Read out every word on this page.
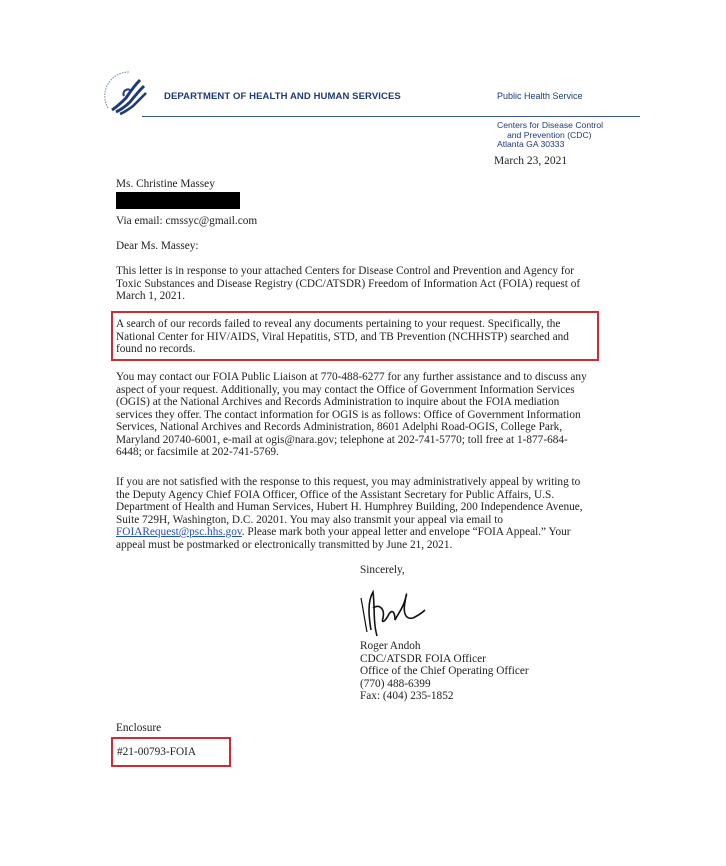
DEPARTMENT OF HEALTH AND HUMAN SERVICES	Public Health Service
Centers for Disease Control
and Prevention (CDC)
Atlanta GA 30333
March 23, 2021
Ms. Christine Massey
Via email: cmssyc@gmail.com
Dear Ms. Massey:
This letter is in response to your attached Centers for Disease Control and Prevention and Agency for
Toxic Substances and Disease Registry (CDC/ATSDR) Freedom of Information Act (FOIA) request of
March 1, 2021.
A search of our records failed to reveal any documents pertaining to your request. Specifically, the
National Center for HIV/AIDS, Viral Hepatitis, STD, and TB Prevention (NCHHSTP) searched and
found no records.
You may contact our FOIA Public Liaison at 770-488-6277 for any further assistance and to discuss any
aspect of your request. Additionally, you may contact the Office of Government Information Services
(OGIS) at the National Archives and Records Administration to inquire about the FOIA mediation
services they offer. The contact information for OGIS is as follows: Office of Government Information
Services, National Archives and Records Administration, 8601 Adelphi Road-OGIS, College Park,
Maryland 20740-6001, e-mail at ogis@nara.gov; telephone at 202-741-5770; toll free at 1-877-684-
6448; or facsimile at 202-741-5769.
If you are not satisfied with the response to this request, you may administratively appeal by writing to
the Deputy Agency Chief FOIA Officer, Office of the Assistant Secretary for Public Affairs, U.S.
Department of Health and Human Services, Hubert H. Humphrey Building, 200 Independence Avenue,
Suite 729H, Washington, D.C. 20201. You may also transmit your appeal via email to
FOIARequest@psc.hhs.gov. Please mark both your appeal letter and envelope “FOIA Appeal.” Your
appeal must be postmarked or electronically transmitted by June 21, 2021.
Sincerely,
Roger Andoh
CDC/ATSDR FOIA Officer
Office of the Chief Operating Officer
(770) 488-6399
Fax: (404) 235-1852
Enclosure
#21-00793-FOIA
